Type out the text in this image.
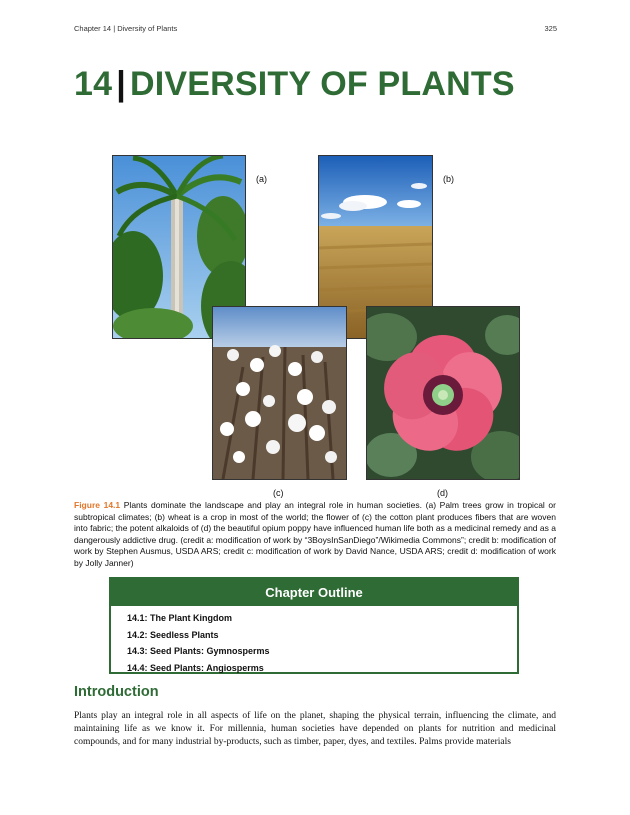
Chapter 14 | Diversity of Plants	325
14 | DIVERSITY OF PLANTS
(a)	(b)
(c)	(d)

Figure 14.1 Plants dominate the landscape and play an integral role in human societies. (a) Palm trees grow in tropical or subtropical climates; (b) wheat is a crop in most of the world; the flower of (c) the cotton plant produces fibers that are woven into fabric; the potent alkaloids of (d) the beautiful opium poppy have influenced human life both as a medicinal remedy and as a dangerously addictive drug. (credit a: modification of work by “3BoysInSanDiego”/Wikimedia Commons”; credit b: modification of work by Stephen Ausmus, USDA ARS; credit c: modification of work by David Nance, USDA ARS; credit d: modification of work by Jolly Janner)

Chapter Outline
14.1: The Plant Kingdom
14.2: Seedless Plants
14.3: Seed Plants: Gymnosperms
14.4: Seed Plants: Angiosperms
Introduction

Plants play an integral role in all aspects of life on the planet, shaping the physical terrain, influencing the climate, and maintaining life as we know it. For millennia, human societies have depended on plants for nutrition and medicinal compounds, and for many industrial by-products, such as timber, paper, dyes, and textiles. Palms provide materials
